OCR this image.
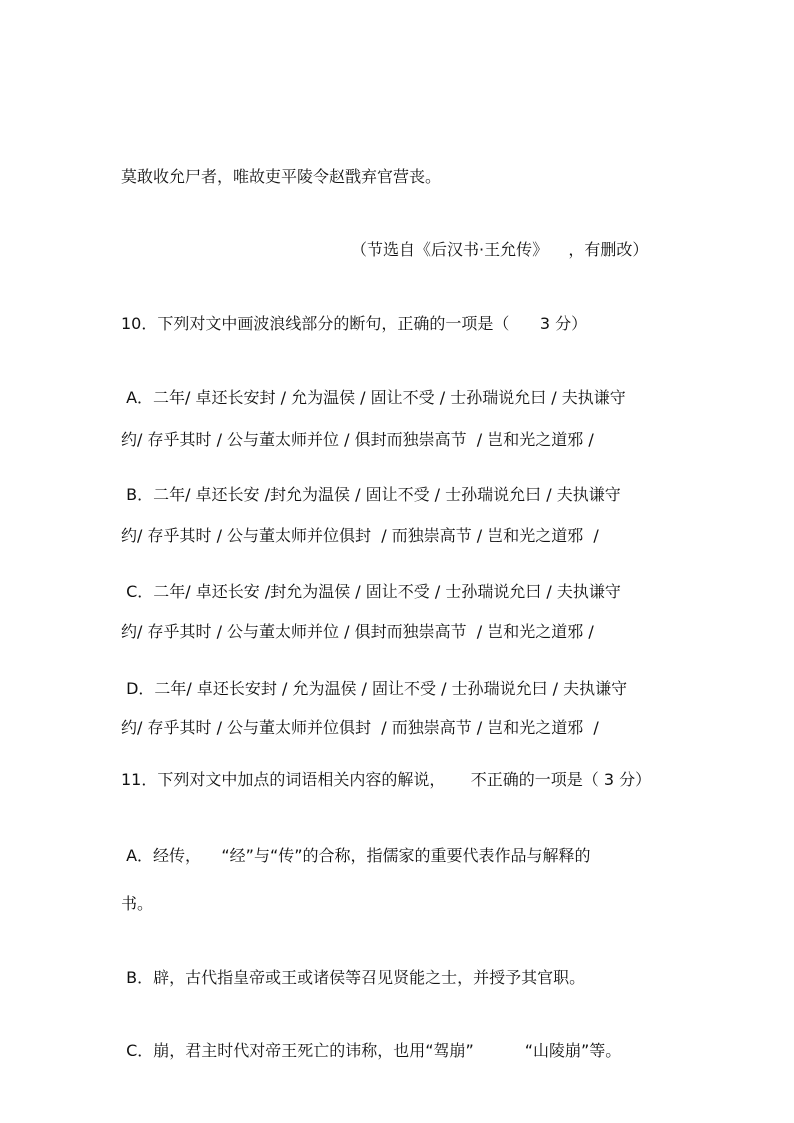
莫敢收允尸者，唯故吏平陵令赵戬弃官营丧。
（节选自《后汉书·王允传》    ，有删改）
10．下列对文中画波浪线部分的断句，正确的一项是（      3 分）
A．二年/ 卓还长安封 / 允为温侯 / 固让不受 / 士孙瑞说允曰 / 夫执谦守
约/ 存乎其时 / 公与董太师并位 / 俱封而独崇高节  / 岂和光之道邪 /
B．二年/ 卓还长安 /封允为温侯 / 固让不受 / 士孙瑞说允曰 / 夫执谦守
约/ 存乎其时 / 公与董太师并位俱封  / 而独崇高节 / 岂和光之道邪  /
C．二年/ 卓还长安 /封允为温侯 / 固让不受 / 士孙瑞说允曰 / 夫执谦守
约/ 存乎其时 / 公与董太师并位 / 俱封而独崇高节  / 岂和光之道邪 /
D．二年/ 卓还长安封 / 允为温侯 / 固让不受 / 士孙瑞说允曰 / 夫执谦守
约/ 存乎其时 / 公与董太师并位俱封  / 而独崇高节 / 岂和光之道邪  /
11．下列对文中加点的词语相关内容的解说，     不正确的一项是（ 3 分）
A．经传，    “经”与“传”的合称，指儒家的重要代表作品与解释的
书。
B．辟，古代指皇帝或王或诸侯等召见贤能之士，并授予其官职。
C．崩，君主时代对帝王死亡的讳称，也用“驾崩”          “山陵崩”等。
